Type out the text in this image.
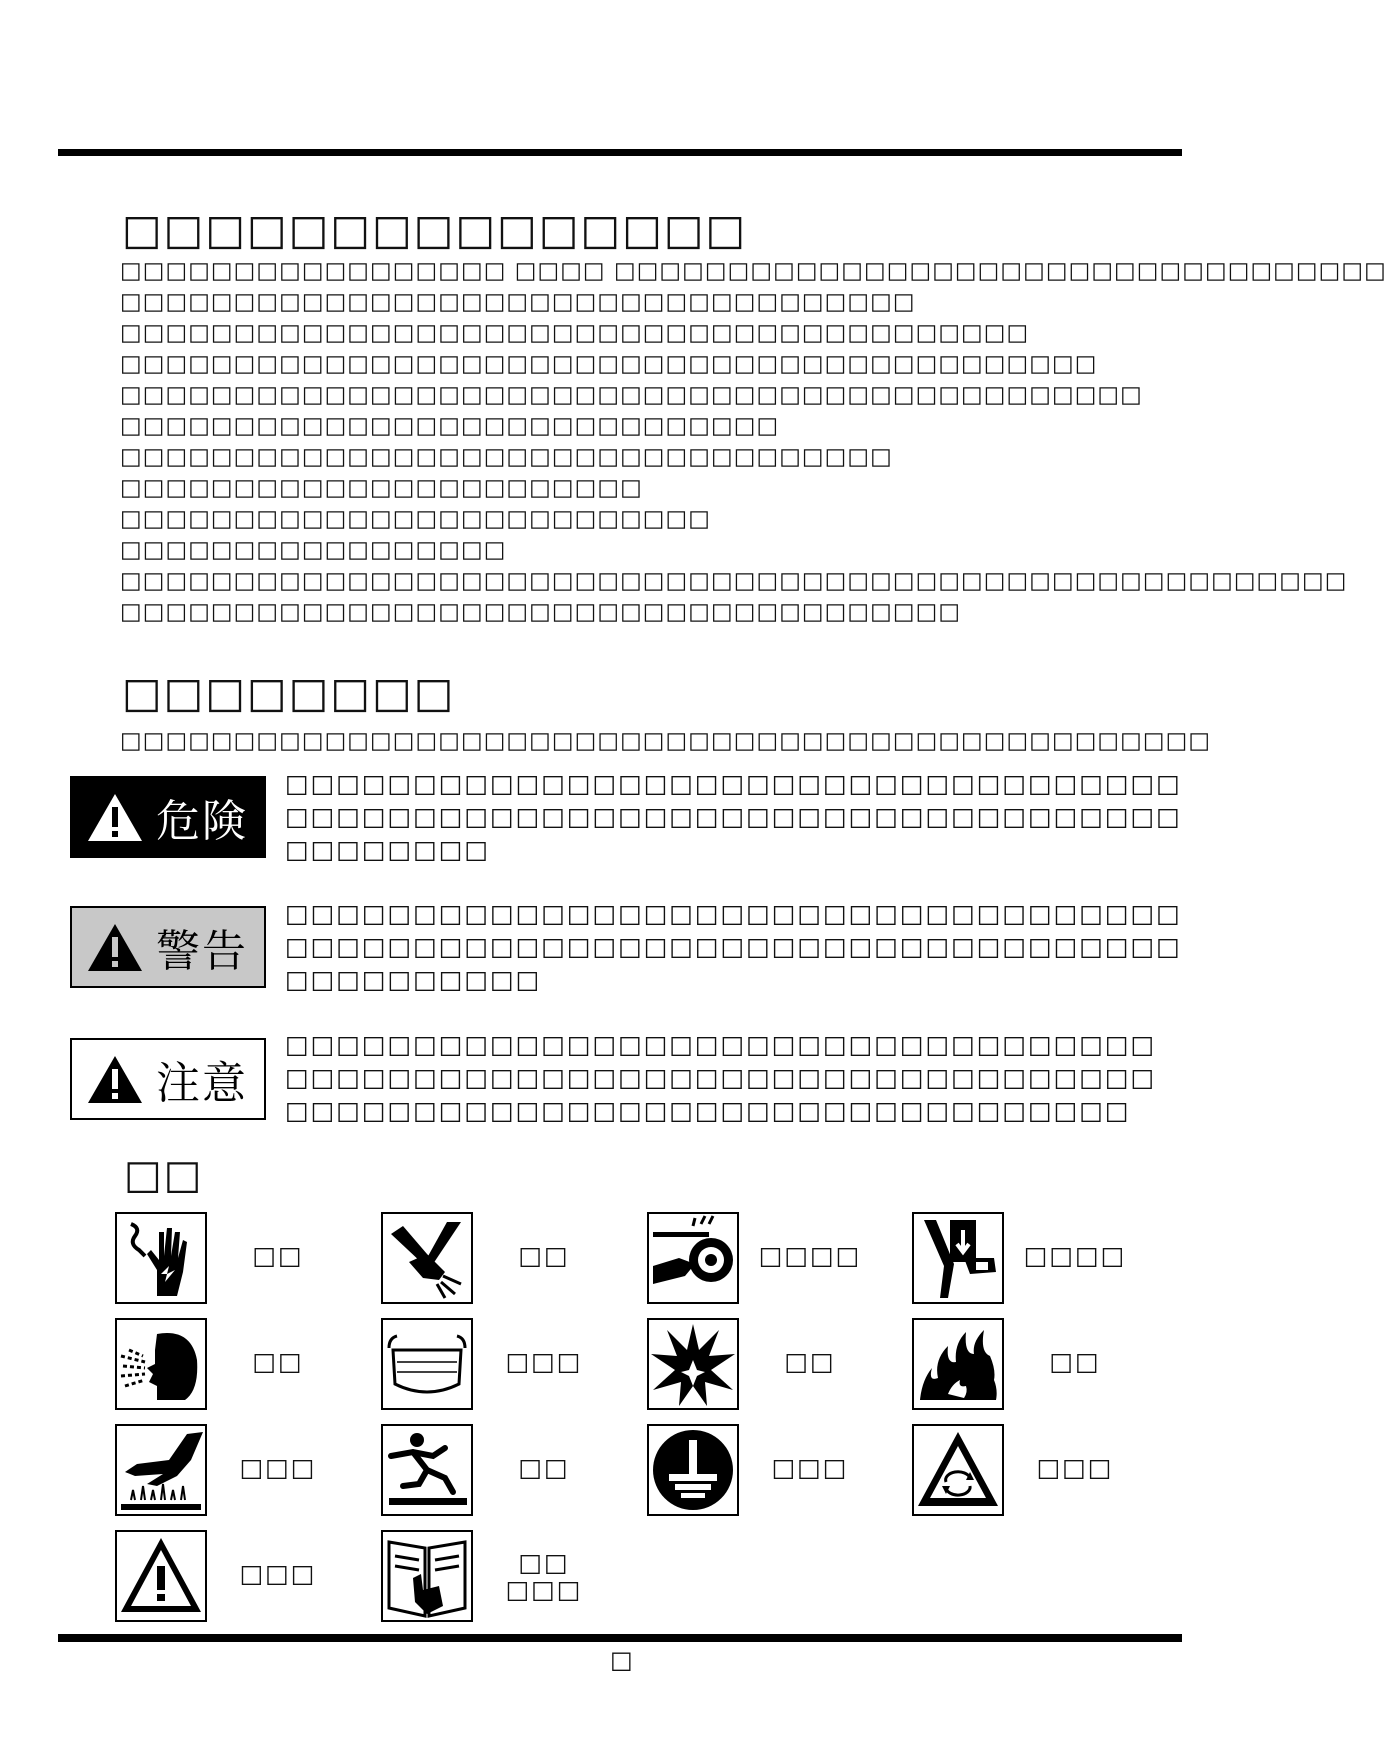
□□□□□□□□□□□□□□□
□□□□□□□□□□□□□□□□□ □□□□ □□□□□□□□□□□□□□□□□□□□□□□□□□□□□□□□□□
□□□□□□□□□□□□□□□□□□□□□□□□□□□□□□□□□□□
□□□□□□□□□□□□□□□□□□□□□□□□□□□□□□□□□□□□□□□□
□□□□□□□□□□□□□□□□□□□□□□□□□□□□□□□□□□□□□□□□□□□
□□□□□□□□□□□□□□□□□□□□□□□□□□□□□□□□□□□□□□□□□□□□□
□□□□□□□□□□□□□□□□□□□□□□□□□□□□□
□□□□□□□□□□□□□□□□□□□□□□□□□□□□□□□□□□
□□□□□□□□□□□□□□□□□□□□□□□
□□□□□□□□□□□□□□□□□□□□□□□□□□
□□□□□□□□□□□□□□□□□
□□□□□□□□□□□□□□□□□□□□□□□□□□□□□□□□□□□□□□□□□□□□□□□□□□□□□□
□□□□□□□□□□□□□□□□□□□□□□□□□□□□□□□□□□□□□
□□□□□□□□
□□□□□□□□□□□□□□□□□□□□□□□□□□□□□□□□□□□□□□□□□□□□□□□□
危険
□□□□□□□□□□□□□□□□□□□□□□□□□□□□□□□□□□□
□□□□□□□□□□□□□□□□□□□□□□□□□□□□□□□□□□□
□□□□□□□□
警告
□□□□□□□□□□□□□□□□□□□□□□□□□□□□□□□□□□□
□□□□□□□□□□□□□□□□□□□□□□□□□□□□□□□□□□□
□□□□□□□□□□
注意
□□□□□□□□□□□□□□□□□□□□□□□□□□□□□□□□□□
□□□□□□□□□□□□□□□□□□□□□□□□□□□□□□□□□□
□□□□□□□□□□□□□□□□□□□□□□□□□□□□□□□□□
□□
□□	□□	□□□□	□□□□
□□	□□□	□□	□□
□□□	□□	□□□	□□□
□□□	□□
□□□
□
